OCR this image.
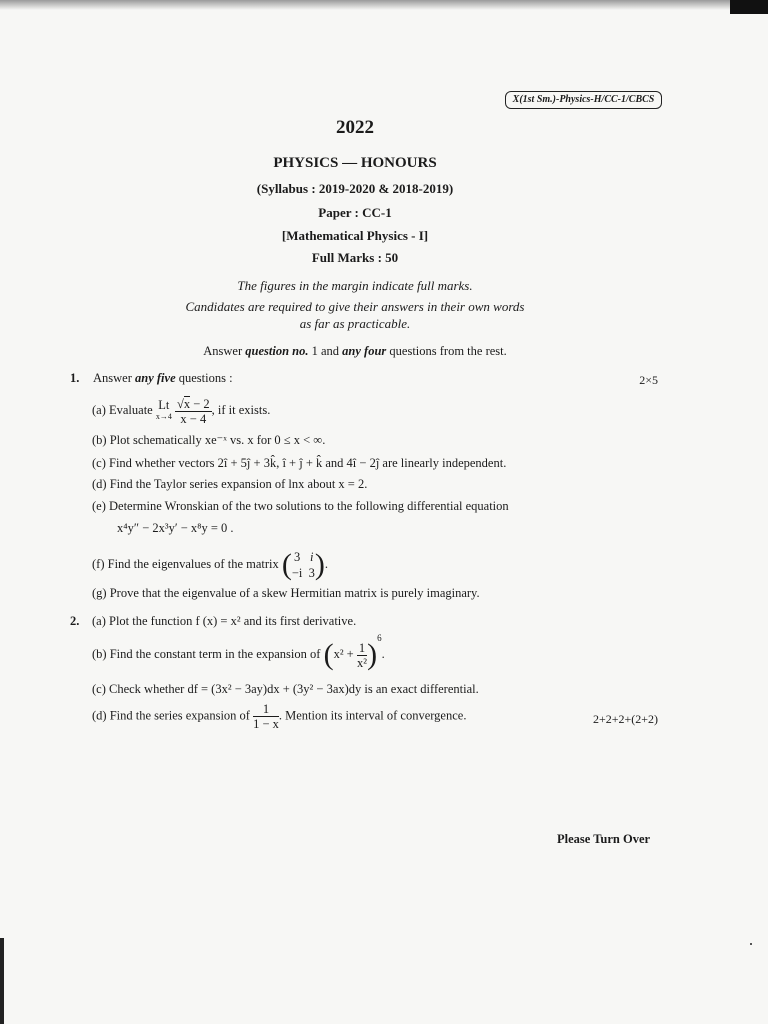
X(1st Sm.)-Physics-H/CC-1/CBCS
2022
PHYSICS — HONOURS
(Syllabus : 2019-2020 & 2018-2019)
Paper : CC-1
[Mathematical Physics - I]
Full Marks : 50
The figures in the margin indicate full marks.
Candidates are required to give their answers in their own words
as far as practicable.
Answer question no. 1 and any four questions from the rest.
1. Answer any five questions :	2×5
(a) Evaluate Lt
x→4
$\frac{√x - 2}{x - 4}$ , if it exists.
(b) Plot schematically xe⁻ˣ vs. x for 0 ≤ x < ∞.
(c) Find whether vectors 2î + 5ĵ + 3k̂, î + ĵ + k̂ and 4î − 2ĵ are linearly independent.
(d) Find the Taylor series expansion of lnx about x = 2.
(e) Determine Wronskian of the two solutions to the following differential equation
x⁴y″ − 2x³y′ − x⁸y = 0 .
(f) Find the eigenvalues of the matrix ( 3
−i

i
3 ).
(g) Prove that the eigenvalue of a skew Hermitian matrix is purely imaginary.
2. (a) Plot the function f (x) = x² and its first derivative.
(b) Find the constant term in the expansion of $(x^2 + \frac{1}{\text{x²}} )^6$.
(c) Check whether df = (3x² − 3ay)dx + (3y² − 3ax)dy is an exact differential.
(d) Find the series expansion of $\frac{1}{1 - x}$ . Mention its interval of convergence.	2+2+2+(2+2)
Please Turn Over
